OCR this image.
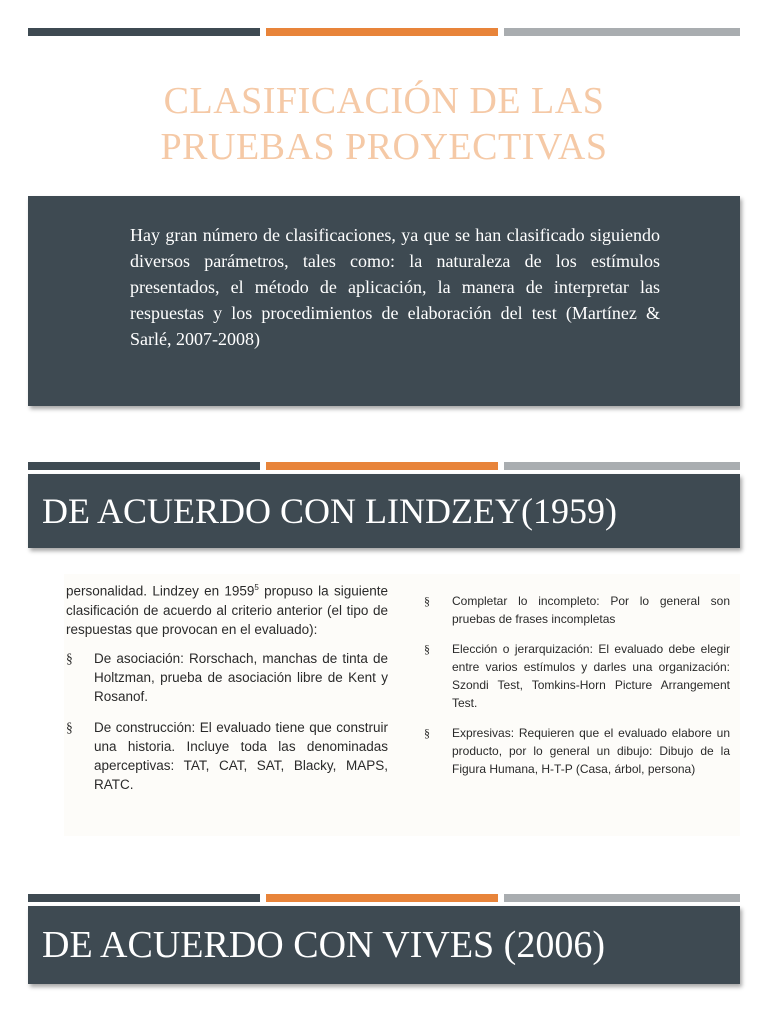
CLASIFICACIÓN DE LAS
PRUEBAS PROYECTIVAS

Hay gran número de clasificaciones, ya que se han clasificado siguiendo diversos parámetros, tales como: la naturaleza de los estímulos presentados, el método de aplicación, la manera de interpretar las respuestas y los procedimientos de elaboración del test (Martínez & Sarlé, 2007-2008)

DE ACUERDO CON LINDZEY(1959)

personalidad. Lindzey en 1959$^5$ propuso la siguiente clasificación de acuerdo al criterio anterior (el tipo de respuestas que provocan en el evaluado):

§	De asociación: Rorschach, manchas de tinta de Holtzman, prueba de asociación libre de Kent y Rosanof.
§	De construcción: El evaluado tiene que construir una historia. Incluye toda las denominadas aperceptivas: TAT, CAT, SAT, Blacky, MAPS, RATC.
§	Completar lo incompleto: Por lo general son pruebas de frases incompletas
§	Elección o jerarquización: El evaluado debe elegir entre varios estímulos y darles una organización: Szondi Test, Tomkins-Horn Picture Arrangement Test.
§	Expresivas: Requieren que el evaluado elabore un producto, por lo general un dibujo: Dibujo de la Figura Humana, H-T-P (Casa, árbol, persona)
DE ACUERDO CON VIVES (2006)
